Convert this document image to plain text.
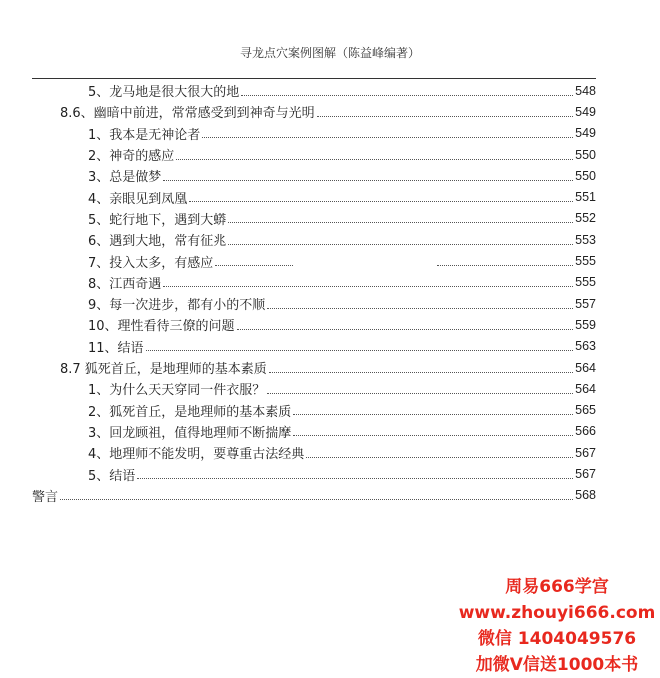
寻龙点穴案例图解（陈益峰编著）
5、龙马地是很大很大的地	548
8.6、幽暗中前进，常常感受到到神奇与光明	549
1、我本是无神论者	549
2、神奇的感应	550
3、总是做梦	550
4、亲眼见到凤凰	551
5、蛇行地下，遇到大蟒	552
6、遇到大地，常有征兆	553
7、投入太多，有感应	555
8、江西奇遇	555
9、每一次进步，都有小的不顺	557
10、理性看待三僚的问题	559
11、结语	563
8.7 狐死首丘，是地理师的基本素质	564
1、为什么天天穿同一件衣服？	564
2、狐死首丘，是地理师的基本素质	565
3、回龙顾祖，值得地理师不断揣摩	566
4、地理师不能发明，要尊重古法经典	567
5、结语	567
警言	568
周易666学宫
www.zhouyi666.com
微信 1404049576
加微V信送1000本书
